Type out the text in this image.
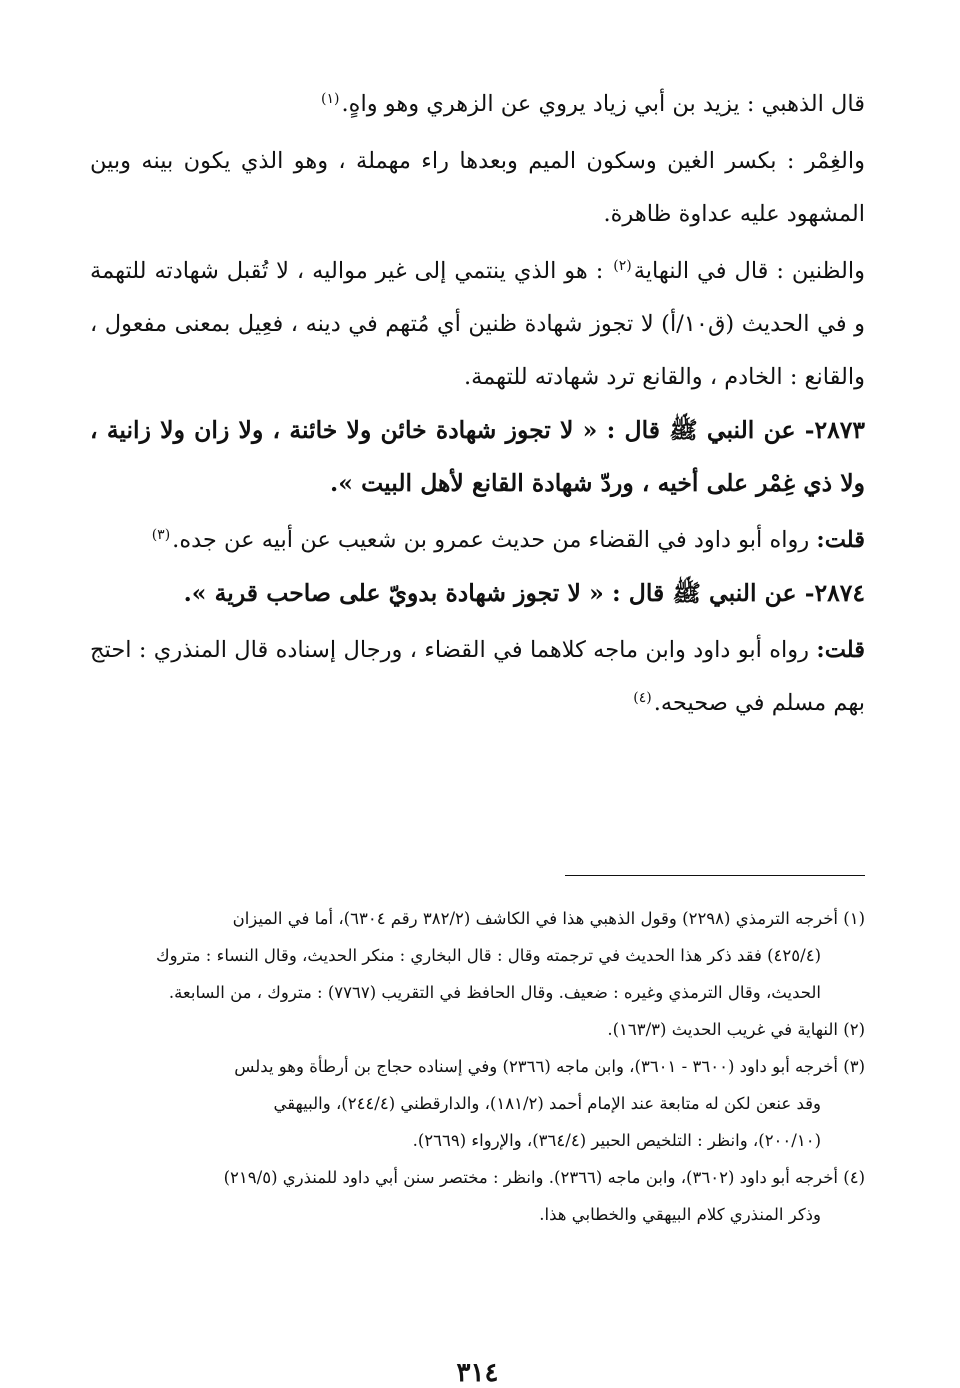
قال الذهبي : يزيد بن أبي زياد يروي عن الزهري وهو واهٍ.$^{(١)}$

والغِمْر : بكسر الغين وسكون الميم وبعدها راء مهملة ، وهو الذي يكون بينه وبين المشهود عليه عداوة ظاهرة.

والظنين : قال في النهاية$^{(٢)}$ : هو الذي ينتمي إلى غير مواليه ، لا تُقبل شهادته للتهمة و في الحديث (ق١٠/أ) لا تجوز شهادة ظنين أي مُتهم في دينه ، فعِيل بمعنى مفعول ، والقانع : الخادم ، والقانع ترد شهادته للتهمة.

٢٨٧٣- عن النبي ﷺ قال : « لا تجوز شهادة خائن ولا خائنة ، ولا زان ولا زانية ، ولا ذي غِمْر على أخيه ، وردّ شهادة القانع لأهل البيت ».

قلت: رواه أبو داود في القضاء من حديث عمرو بن شعيب عن أبيه عن جده.$^{(٣)}$

٢٨٧٤- عن النبي ﷺ قال : « لا تجوز شهادة بدويّ على صاحب قرية ».

قلت: رواه أبو داود وابن ماجه كلاهما في القضاء ، ورجال إسناده قال المنذري : احتج بهم مسلم في صحيحه.$^{(٤)}$

(١) أخرجه الترمذي (٢٢٩٨) وقول الذهبي هذا في الكاشف (٣٨٢/٢ رقم ٦٣٠٤)، أما في الميزان

(٤٢٥/٤) فقد ذكر هذا الحديث في ترجمته وقال : قال البخاري : منكر الحديث، وقال النساء : متروك

الحديث، وقال الترمذي وغيره : ضعيف. وقال الحافظ في التقريب (٧٧٦٧) : متروك ، من السابعة.

(٢) النهاية في غريب الحديث (١٦٣/٣).

(٣) أخرجه أبو داود (٣٦٠٠ - ٣٦٠١)، وابن ماجه (٢٣٦٦) وفي إسناده حجاج بن أرطأة وهو يدلس

وقد عنعن لكن له متابعة عند الإمام أحمد (١٨١/٢)، والدارقطني (٢٤٤/٤)، والبيهقي

(٢٠٠/١٠)، وانظر : التلخيص الحبير (٣٦٤/٤)، والإرواء (٢٦٦٩).

(٤) أخرجه أبو داود (٣٦٠٢)، وابن ماجه (٢٣٦٦). وانظر : مختصر سنن أبي داود للمنذري (٢١٩/٥)

وذكر المنذري كلام البيهقي والخطابي هذا.

٣١٤
